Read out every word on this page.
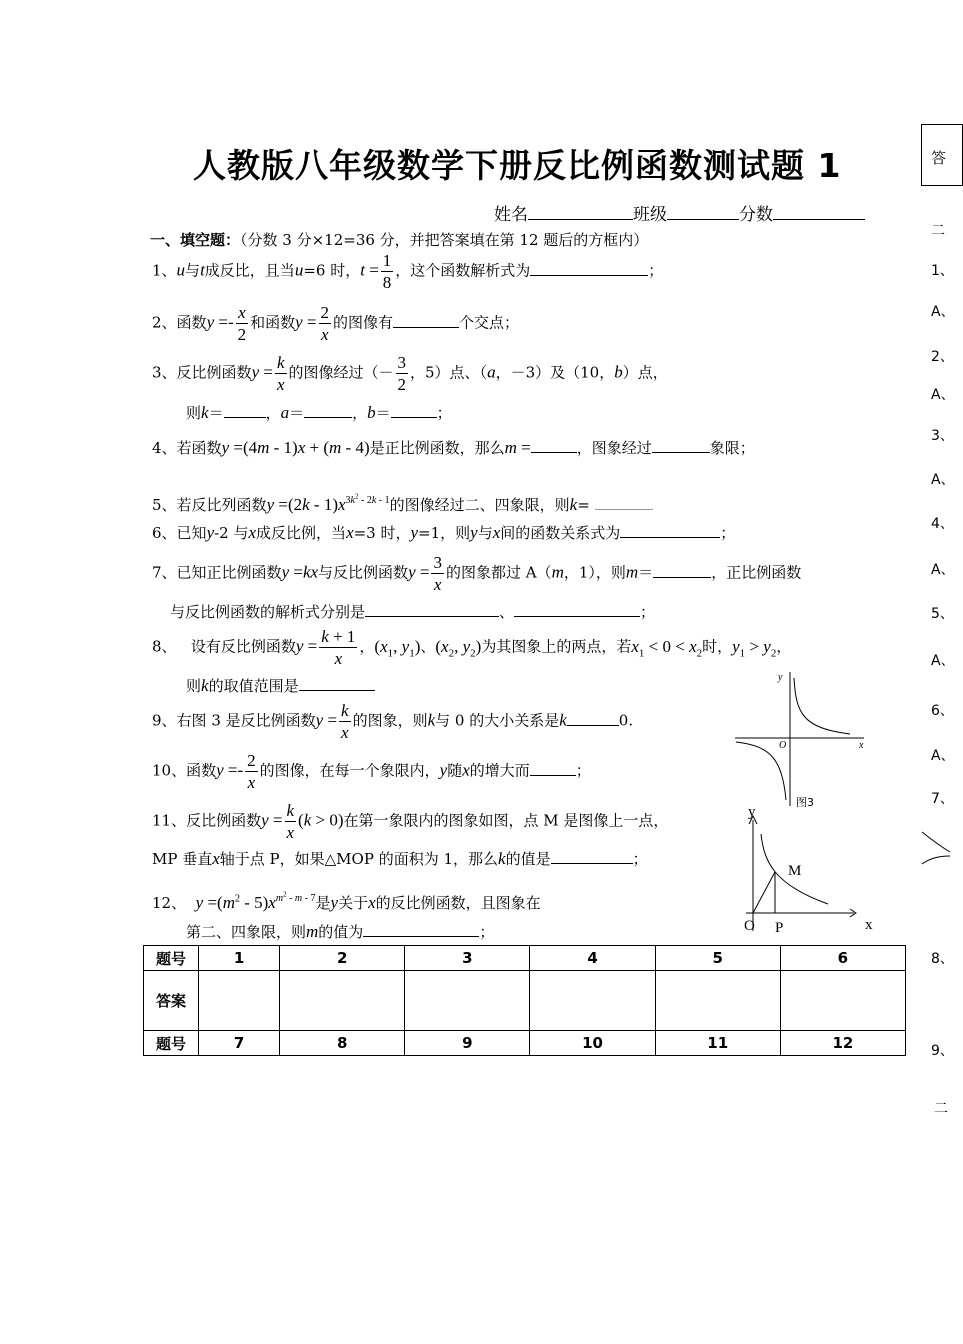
人教版八年级数学下册反比例函数测试题 1
姓名	班级	分数
一、填空题：（分数 3 分×12=36 分，并把答案填在第 12 题后的方框内）
1、u与t成反比，且当u=6 时，$t = \frac{1}{8}$ ，这个函数解析式为	；
2、函数$y =- \frac{x}{2}$ 和函数$y = \frac{2}{x}$ 的图像有	个交点；
3、反比例函数$y = \frac{k}{x}$ 的图像经过（－ $\frac{3}{2}$ ，5）点、（a，－3）及（10，b）点，
则k＝	，a＝	，b＝	；
4、若函数y =(4m - 1)x + (m - 4)是正比例函数，那么m =	，图象经过	象限；
5、若反比列函数$y =(2k - 1)x^{3k^2 - 2k - 1}$的图像经过二、四象限，则k=
6、已知y-2 与x成反比例，当x=3 时，y=1，则y与x间的函数关系式为	；
7、已知正比例函数y =kx与反比例函数$y = \frac{3}{x}$ 的图象都过 A（m，1），则m＝	，正比例函数
与反比例函数的解析式分别是	、	；
8、 设有反比例函数$y = \frac{k + 1}{x}$ ，($x_1$, $y_1$)、($x_2$, $y_2$)为其图象上的两点，若$x_1 < 0 < x_2$时，$y_1 > y_2$，
则k的取值范围是
9、右图 3 是反比例函数$y = \frac{k}{x}$ 的图象，则k与 0 的大小关系是k	0.
10、函数$y =- \frac{2}{x}$ 的图像，在每一个象限内，y随x的增大而	；
11、反比例函数$y = \frac{k}{x} (k > 0)$在第一象限内的图象如图，点 M 是图像上一点，
MP 垂直x轴于点 P，如果△MOP 的面积为 1，那么k的值是	；
12、 $y =(m^2 - 5)x^{m^2 - m - 7}$是y关于x的反比例函数，且图象在
第二、四象限，则m的值为	；
y
x
O
图3
y
x
O
M
P
题号	1	2	3	4	5	6
答案						
题号	7	8	9	10	11	12
答
二
1、
A、
2、
A、
3、
A、
4、
A、
5、
A、
6、
A、
7、
8、
9、
二
